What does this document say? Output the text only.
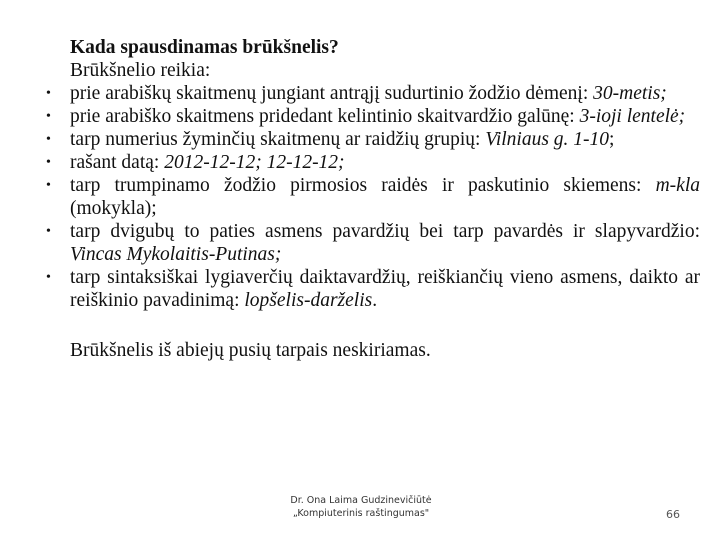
Kada spausdinamas brūkšnelis?
Brūkšnelio reikia:
• prie arabiškų skaitmenų jungiant antrąjį sudurtinio žodžio dėmenį: 30-metis;
• prie arabiško skaitmens pridedant kelintinio skaitvardžio galūnę: 3-ioji lentelė;
• tarp numerius žyminčių skaitmenų ar raidžių grupių: Vilniaus g. 1-10;
• rašant datą: 2012-12-12; 12-12-12;
• tarp trumpinamo žodžio pirmosios raidės ir paskutinio skiemens: m-kla (mokykla);
• tarp dvigubų to paties asmens pavardžių bei tarp pavardės ir slapyvardžio: Vincas Mykolaitis-Putinas;
• tarp sintaksiškai lygiaverčių daiktavardžių, reiškiančių vieno asmens, daikto ar reiškinio pavadinimą: lopšelis-darželis.
Brūkšnelis iš abiejų pusių tarpais neskiriamas.
Dr. Ona Laima Gudzinevičiūtė
„Kompiuterinis raštingumas"	66
